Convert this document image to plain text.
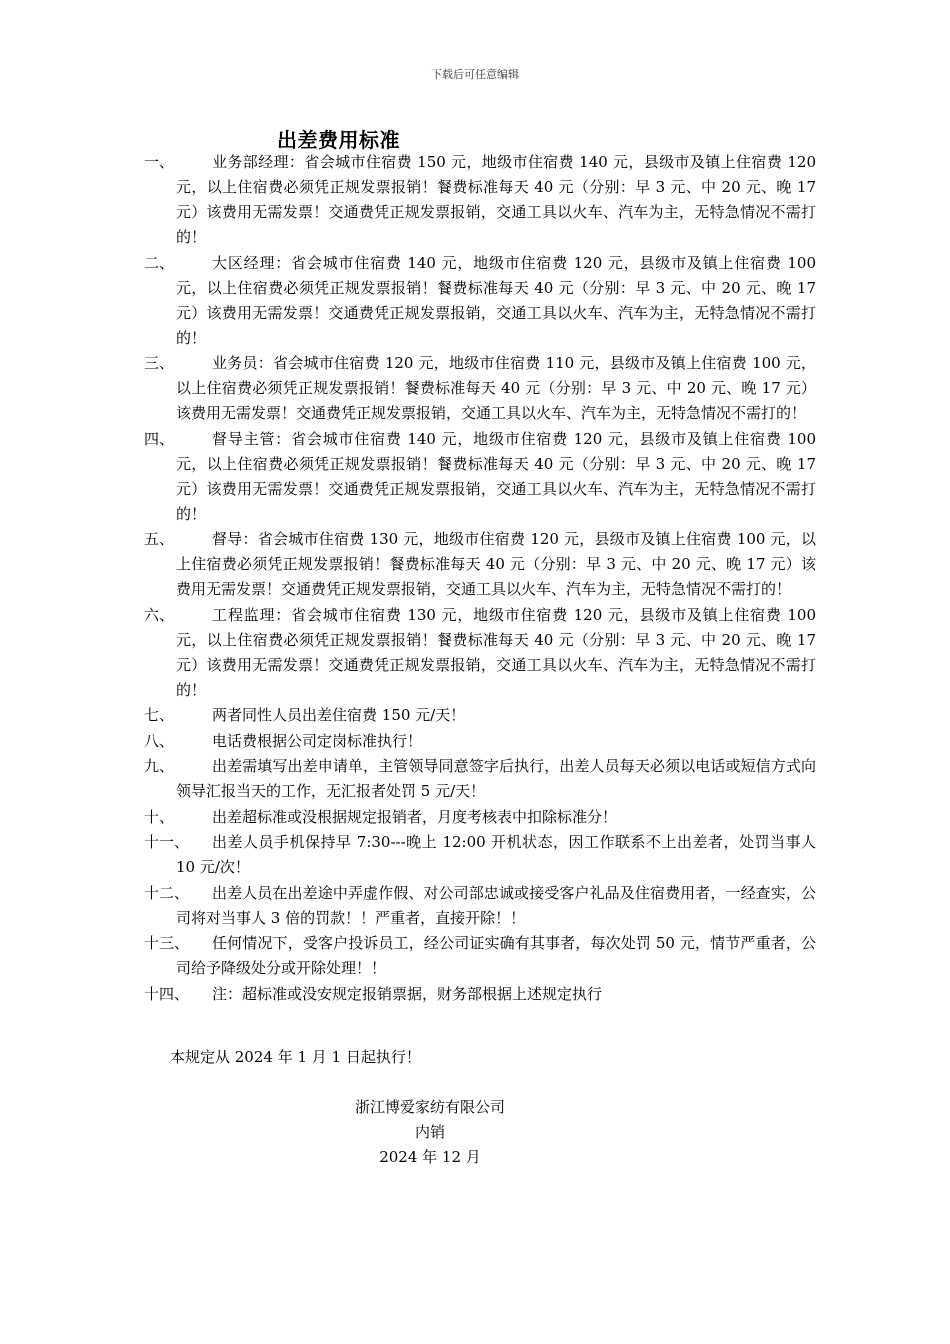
下载后可任意编辑
出差费用标准
一、	业务部经理：省会城市住宿费 150 元，地级市住宿费 140 元，县级市及镇上住宿费 120 元，以上住宿费必须凭正规发票报销！餐费标准每天 40 元（分别：早 3 元、中 20 元、晚 17 元）该费用无需发票！交通费凭正规发票报销，交通工具以火车、汽车为主，无特急情况不需打的！
二、	大区经理：省会城市住宿费 140 元，地级市住宿费 120 元，县级市及镇上住宿费 100 元，以上住宿费必须凭正规发票报销！餐费标准每天 40 元（分别：早 3 元、中 20 元、晚 17 元）该费用无需发票！交通费凭正规发票报销，交通工具以火车、汽车为主，无特急情况不需打的！
三、	业务员：省会城市住宿费 120 元，地级市住宿费 110 元，县级市及镇上住宿费 100 元，以上住宿费必须凭正规发票报销！餐费标准每天 40 元（分别：早 3 元、中 20 元、晚 17 元）该费用无需发票！交通费凭正规发票报销，交通工具以火车、汽车为主，无特急情况不需打的！
四、	督导主管：省会城市住宿费 140 元，地级市住宿费 120 元，县级市及镇上住宿费 100 元，以上住宿费必须凭正规发票报销！餐费标准每天 40 元（分别：早 3 元、中 20 元、晚 17 元）该费用无需发票！交通费凭正规发票报销，交通工具以火车、汽车为主，无特急情况不需打的！
五、	督导：省会城市住宿费 130 元，地级市住宿费 120 元，县级市及镇上住宿费 100 元，以上住宿费必须凭正规发票报销！餐费标准每天 40 元（分别：早 3 元、中 20 元、晚 17 元）该费用无需发票！交通费凭正规发票报销，交通工具以火车、汽车为主，无特急情况不需打的！
六、	工程监理：省会城市住宿费 130 元，地级市住宿费 120 元，县级市及镇上住宿费 100 元，以上住宿费必须凭正规发票报销！餐费标准每天 40 元（分别：早 3 元、中 20 元、晚 17 元）该费用无需发票！交通费凭正规发票报销，交通工具以火车、汽车为主，无特急情况不需打的！
七、	两者同性人员出差住宿费 150 元/天！
八、	电话费根据公司定岗标准执行！
九、	出差需填写出差申请单，主管领导同意签字后执行，出差人员每天必须以电话或短信方式向领导汇报当天的工作，无汇报者处罚 5 元/天！
十、	出差超标准或没根据规定报销者，月度考核表中扣除标准分！
十一、	出差人员手机保持早 7:30---晚上 12:00 开机状态，因工作联系不上出差者，处罚当事人 10 元/次！
十二、	出差人员在出差途中弄虚作假、对公司部忠诚或接受客户礼品及住宿费用者，一经查实，公司将对当事人 3 倍的罚款！！严重者，直接开除！！
十三、	任何情况下，受客户投诉员工，经公司证实确有其事者，每次处罚 50 元，情节严重者，公司给予降级处分或开除处理！！
十四、	注：超标准或没安规定报销票据，财务部根据上述规定执行
本规定从 2024 年 1 月 1 日起执行！
浙江博爱家纺有限公司
内销
2024 年 12 月
